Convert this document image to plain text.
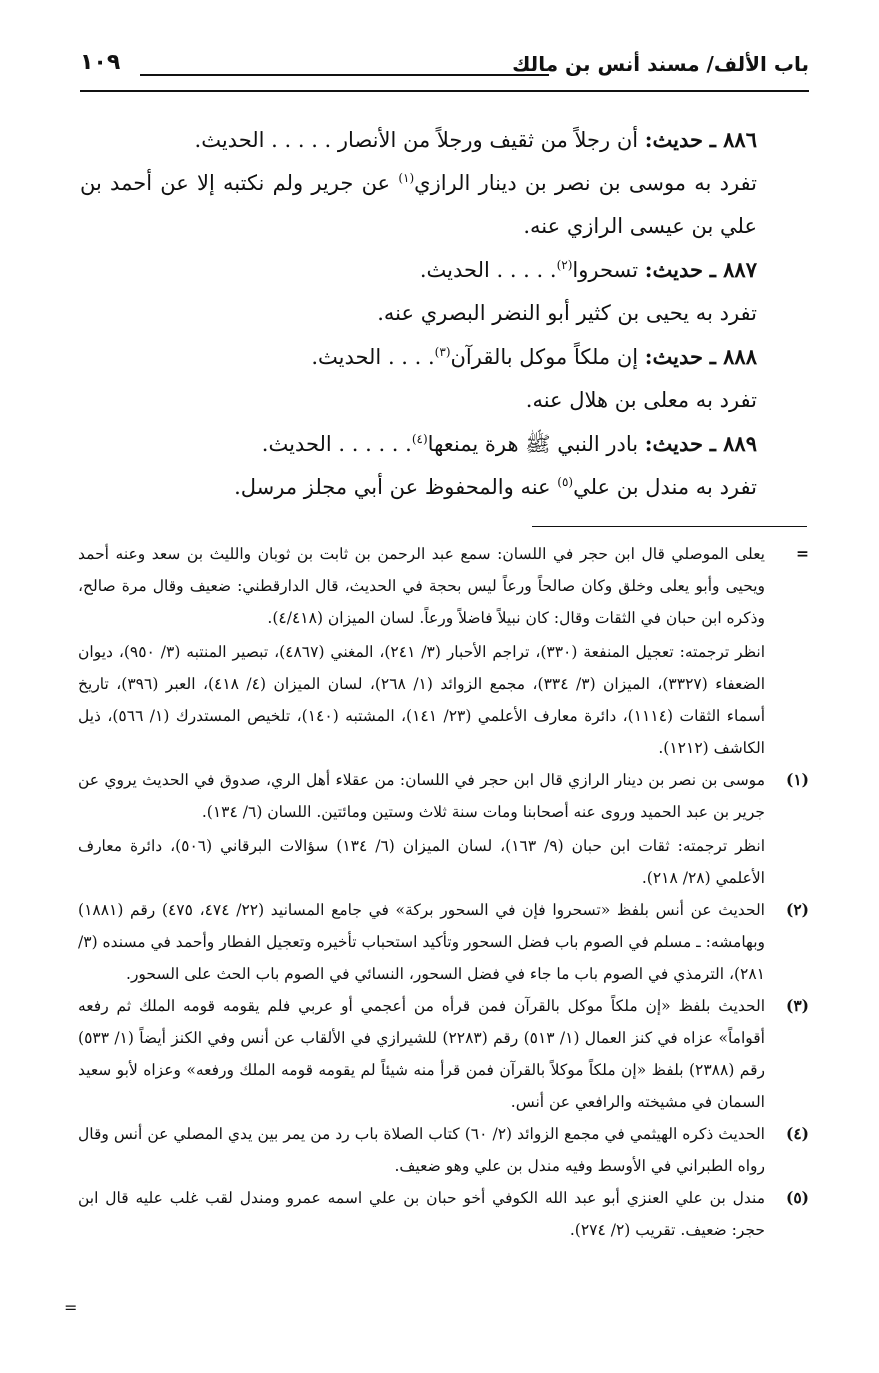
باب الألف/ مسند أنس بن مالك
١٠٩

٨٨٦ ـ حديث: أن رجلاً من ثقيف ورجلاً من الأنصار . . . . . الحديث.

تفرد به موسى بن نصر بن دينار الرازي$^{(١)}$ عن جرير ولم نكتبه إلا عن أحمد بن علي بن عيسى الرازي عنه.

٨٨٧ ـ حديث: تسحروا$^{(٢)}$. . . . . الحديث.

تفرد به يحيى بن كثير أبو النضر البصري عنه.

٨٨٨ ـ حديث: إن ملكاً موكل بالقرآن$^{(٣)}$. . . . الحديث.

تفرد به معلى بن هلال عنه.

٨٨٩ ـ حديث: بادر النبي ﷺ هرة يمنعها$^{(٤)}$. . . . . . الحديث.

تفرد به مندل بن علي$^{(٥)}$ عنه والمحفوظ عن أبي مجلز مرسل.

=

يعلى الموصلي قال ابن حجر في اللسان: سمع عبد الرحمن بن ثابت بن ثوبان والليث بن سعد وعنه أحمد ويحيى وأبو يعلى وخلق وكان صالحاً ورعاً ليس بحجة في الحديث، قال الدارقطني: ضعيف وقال مرة صالح، وذكره ابن حبان في الثقات وقال: كان نبيلاً فاضلاً ورعاً. لسان الميزان (٤/٤١٨).

انظر ترجمته: تعجيل المنفعة (٣٣٠)، تراجم الأحبار (٣/ ٢٤١)، المغني (٤٨٦٧)، تبصير المنتبه (٣/ ٩٥٠)، ديوان الضعفاء (٣٣٢٧)، الميزان (٣/ ٣٣٤)، مجمع الزوائد (١/ ٢٦٨)، لسان الميزان (٤/ ٤١٨)، العبر (٣٩٦)، تاريخ أسماء الثقات (١١١٤)، دائرة معارف الأعلمي (٢٣/ ١٤١)، المشتبه (١٤٠)، تلخيص المستدرك (١/ ٥٦٦)، ذيل الكاشف (١٢١٢).

(١)

موسى بن نصر بن دينار الرازي قال ابن حجر في اللسان: من عقلاء أهل الري، صدوق في الحديث يروي عن جرير بن عبد الحميد وروى عنه أصحابنا ومات سنة ثلاث وستين ومائتين. اللسان (٦/ ١٣٤).

انظر ترجمته: ثقات ابن حبان (٩/ ١٦٣)، لسان الميزان (٦/ ١٣٤) سؤالات البرقاني (٥٠٦)، دائرة معارف الأعلمي (٢٨/ ٢١٨).

(٢)

الحديث عن أنس بلفظ «تسحروا فإن في السحور بركة» في جامع المسانيد (٢٢/ ٤٧٤، ٤٧٥) رقم (١٨٨١) وبهامشه: ـ مسلم في الصوم باب فضل السحور وتأكيد استحباب تأخيره وتعجيل الفطار وأحمد في مسنده (٣/ ٢٨١)، الترمذي في الصوم باب ما جاء في فضل السحور، النسائي في الصوم باب الحث على السحور.

(٣)

الحديث بلفظ «إن ملكاً موكل بالقرآن فمن قرأه من أعجمي أو عربي فلم يقومه قومه الملك ثم رفعه أقواماً» عزاه في كنز العمال (١/ ٥١٣) رقم (٢٢٨٣) للشيرازي في الألقاب عن أنس وفي الكنز أيضاً (١/ ٥٣٣) رقم (٢٣٨٨) بلفظ «إن ملكاً موكلاً بالقرآن فمن قرأ منه شيئاً لم يقومه قومه الملك ورفعه» وعزاه لأبو سعيد السمان في مشيخته والرافعي عن أنس.

(٤)

الحديث ذكره الهيثمي في مجمع الزوائد (٢/ ٦٠) كتاب الصلاة باب رد من يمر بين يدي المصلي عن أنس وقال رواه الطبراني في الأوسط وفيه مندل بن علي وهو ضعيف.

(٥)

مندل بن علي العنزي أبو عبد الله الكوفي أخو حبان بن علي اسمه عمرو ومندل لقب غلب عليه قال ابن حجر: ضعيف. تقريب (٢/ ٢٧٤).

=
